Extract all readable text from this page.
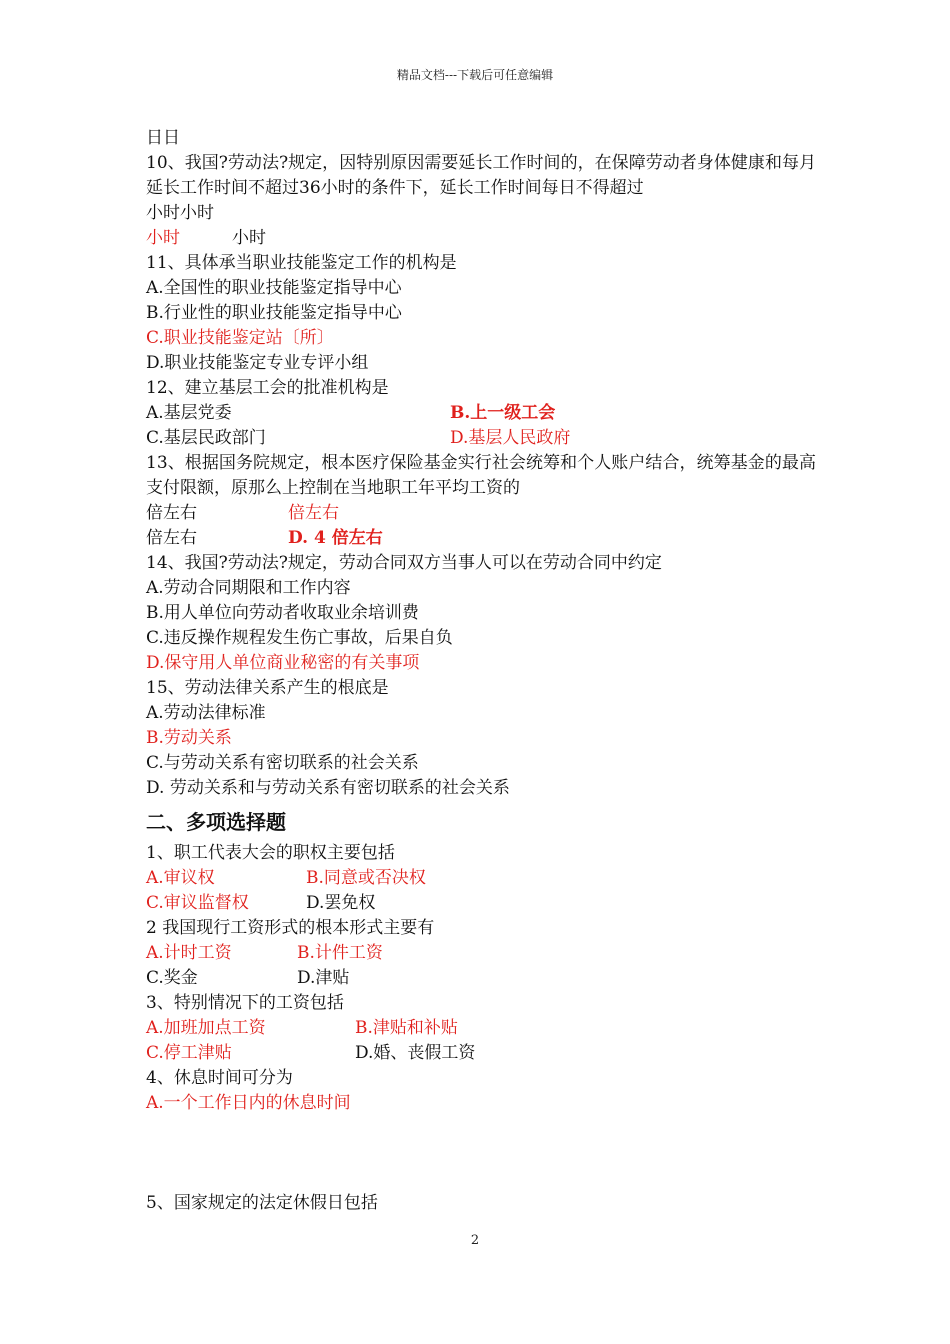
精品文档---下载后可任意编辑
日日
10、我国?劳动法?规定，因特别原因需要延长工作时间的，在保障劳动者身体健康和每月延长工作时间不超过36小时的条件下，延长工作时间每日不得超过
小时小时
小时	小时
11、具体承当职业技能鉴定工作的机构是
A.全国性的职业技能鉴定指导中心
B.行业性的职业技能鉴定指导中心
C.职业技能鉴定站〔所〕
D.职业技能鉴定专业专评小组
12、建立基层工会的批准机构是
A.基层党委	B.上一级工会
C.基层民政部门	D.基层人民政府
13、根据国务院规定，根本医疗保险基金实行社会统筹和个人账户结合，统筹基金的最高支付限额，原那么上控制在当地职工年平均工资的
倍左右	倍左右
倍左右	D. 4 倍左右
14、我国?劳动法?规定，劳动合同双方当事人可以在劳动合同中约定
A.劳动合同期限和工作内容
B.用人单位向劳动者收取业余培训费
C.违反操作规程发生伤亡事故，后果自负
D.保守用人单位商业秘密的有关事项
15、劳动法律关系产生的根底是
A.劳动法律标准
B.劳动关系
C.与劳动关系有密切联系的社会关系
D. 劳动关系和与劳动关系有密切联系的社会关系
二、多项选择题
1、职工代表大会的职权主要包括
A.审议权	B.同意或否决权
C.审议监督权	D.罢免权
2 我国现行工资形式的根本形式主要有
A.计时工资	B.计件工资
C.奖金	D.津贴
3、特别情况下的工资包括
A.加班加点工资	B.津贴和补贴
C.停工津贴	D.婚、丧假工资
4、休息时间可分为
A.一个工作日内的休息时间
5、国家规定的法定休假日包括
2
